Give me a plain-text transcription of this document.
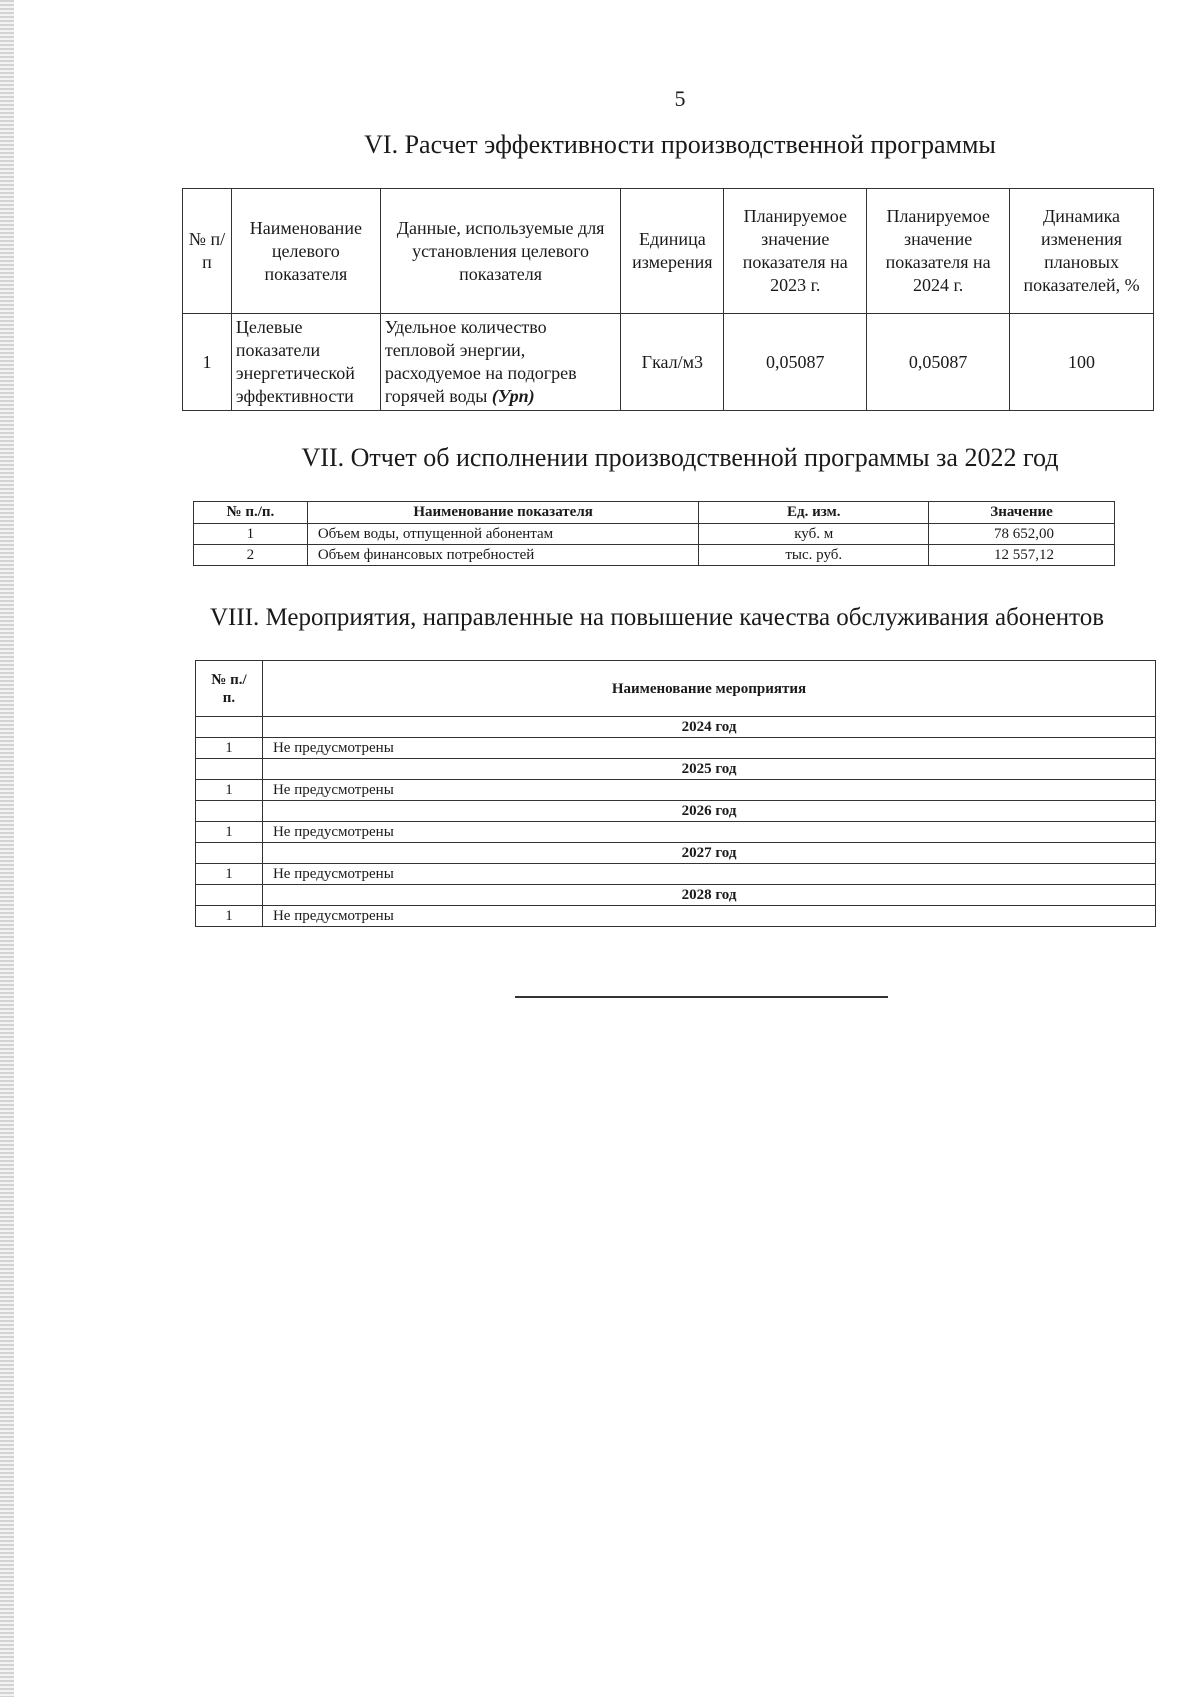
5
VI. Расчет эффективности производственной программы
№ п/п	Наименование целевого показателя	Данные, используемые для установления целевого показателя	Единица измерения	Планируемое значение показателя на 2023 г.	Планируемое значение показателя на 2024 г.	Динамика изменения плановых показателей, %
1	Целевые показатели энергетической эффективности	Удельное количество тепловой энергии, расходуемое на подогрев горячей воды (Урп)	Гкал/м3	0,05087	0,05087	100
VII. Отчет об исполнении производственной программы за 2022 год
№ п./п.	Наименование показателя	Ед. изм.	Значение
1	Объем воды, отпущенной абонентам	куб. м	78 652,00
2	Объем финансовых потребностей	тыс. руб.	12 557,12
VIII. Мероприятия, направленные на повышение качества обслуживания абонентов
№ п./п.	Наименование мероприятия
	2024 год
1	Не предусмотрены
	2025 год
1	Не предусмотрены
	2026 год
1	Не предусмотрены
	2027 год
1	Не предусмотрены
	2028 год
1	Не предусмотрены
